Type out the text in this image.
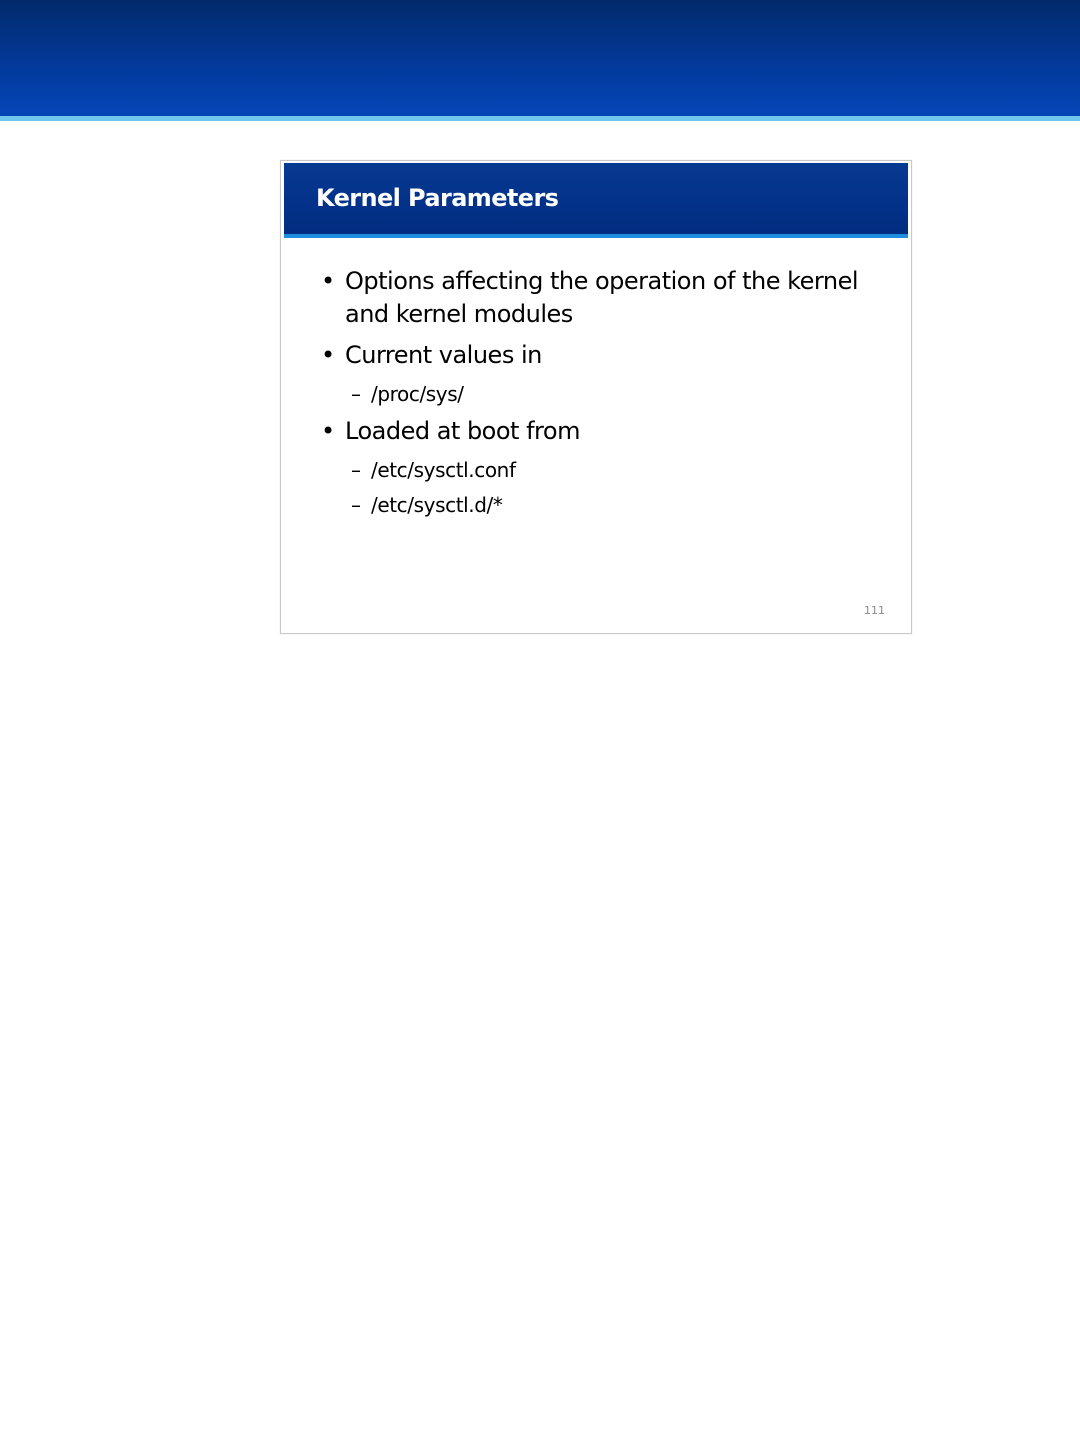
Kernel Parameters
• Options affecting the operation of the kernel and kernel modules
• Current values in
– /proc/sys/
• Loaded at boot from
– /etc/sysctl.conf
– /etc/sysctl.d/*
111
